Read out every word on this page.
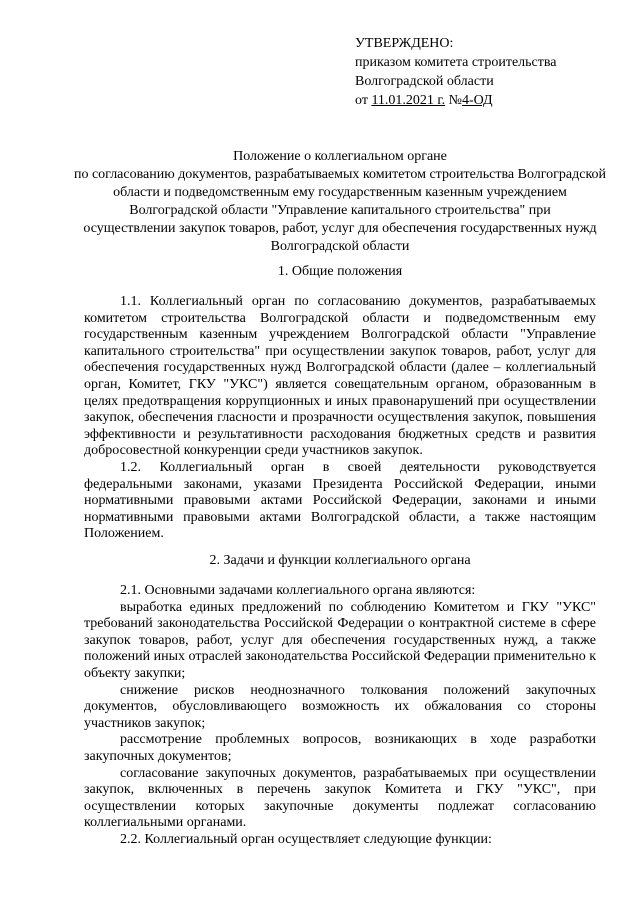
УТВЕРЖДЕНО:
приказом комитета строительства
Волгоградской области
от 11.01.2021 г. №4-ОД
Положение о коллегиальном органе
по согласованию документов, разрабатываемых комитетом строительства Волгоградской
области и подведомственным ему государственным казенным учреждением
Волгоградской области "Управление капитального строительства" при
осуществлении закупок товаров, работ, услуг для обеспечения государственных нужд
Волгоградской области
1. Общие положения

1.1. Коллегиальный орган по согласованию документов, разрабатываемых комитетом строительства Волгоградской области и подведомственным ему государственным казенным учреждением Волгоградской области "Управление капитального строительства" при осуществлении закупок товаров, работ, услуг для обеспечения государственных нужд Волгоградской области (далее – коллегиальный орган, Комитет, ГКУ "УКС") является совещательным органом, образованным в целях предотвращения коррупционных и иных правонарушений при осуществлении закупок, обеспечения гласности и прозрачности осуществления закупок, повышения эффективности и результативности расходования бюджетных средств и развития добросовестной конкуренции среди участников закупок.

1.2. Коллегиальный орган в своей деятельности руководствуется федеральными законами, указами Президента Российской Федерации, иными нормативными правовыми актами Российской Федерации, законами и иными нормативными правовыми актами Волгоградской области, а также настоящим Положением.

2. Задачи и функции коллегиального органа

2.1. Основными задачами коллегиального органа являются:

выработка единых предложений по соблюдению Комитетом и ГКУ "УКС" требований законодательства Российской Федерации о контрактной системе в сфере закупок товаров, работ, услуг для обеспечения государственных нужд, а также положений иных отраслей законодательства Российской Федерации применительно к объекту закупки;

снижение рисков неоднозначного толкования положений закупочных документов, обусловливающего возможность их обжалования со стороны участников закупок;

рассмотрение проблемных вопросов, возникающих в ходе разработки закупочных документов;

согласование закупочных документов, разрабатываемых при осуществлении закупок, включенных в перечень закупок Комитета и ГКУ "УКС", при осуществлении которых закупочные документы подлежат согласованию коллегиальными органами.

2.2. Коллегиальный орган осуществляет следующие функции:
